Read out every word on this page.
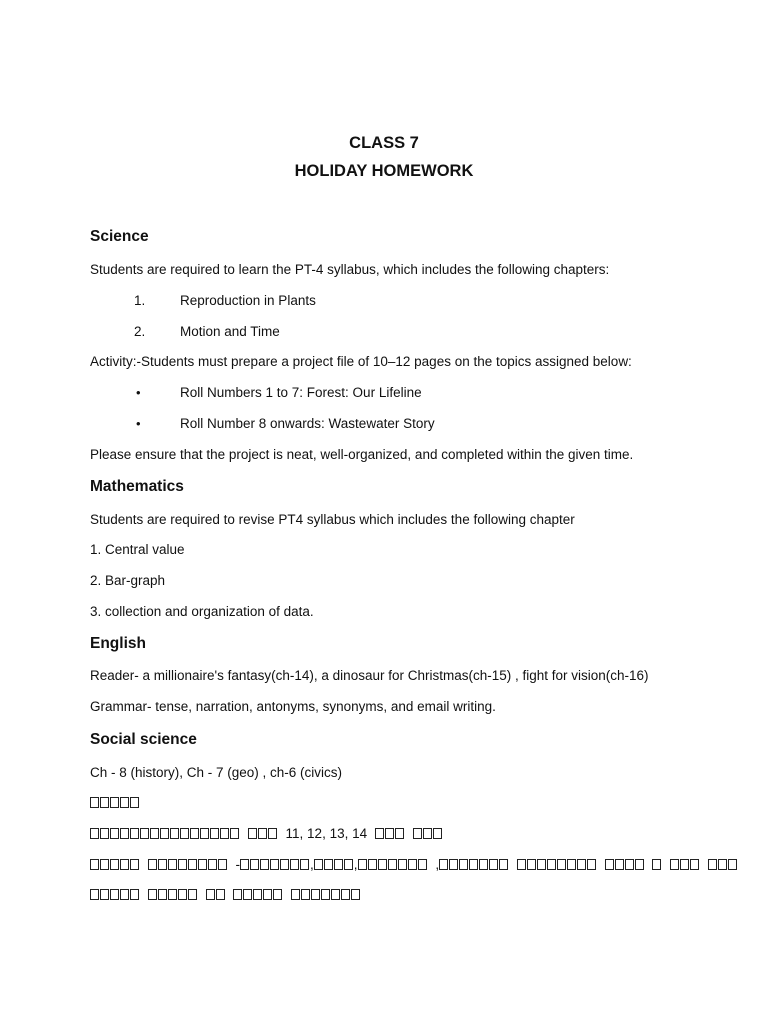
CLASS 7
HOLIDAY HOMEWORK
Science
Students are required to learn the PT-4 syllabus, which includes the following chapters:
1.	Reproduction in Plants
2.	Motion and Time
Activity:-Students must prepare a project file of 10–12 pages on the topics assigned below:
•	Roll Numbers 1 to 7: Forest: Our Lifeline
•	Roll Number 8 onwards: Wastewater Story
Please ensure that the project is neat, well-organized, and completed within the given time.
Mathematics
Students are required to revise PT4 syllabus which includes the following chapter
1. Central value
2. Bar-graph
3. collection and organization of data.
English
Reader- a millionaire's fantasy(ch-14), a dinosaur for Christmas(ch-15) , fight for vision(ch-16)
Grammar- tense, narration, antonyms, synonyms, and email writing.
Social science
Ch - 8 (history), Ch - 7 (geo) , ch-6 (civics)
11, 12, 13, 14
-	,	,	,
